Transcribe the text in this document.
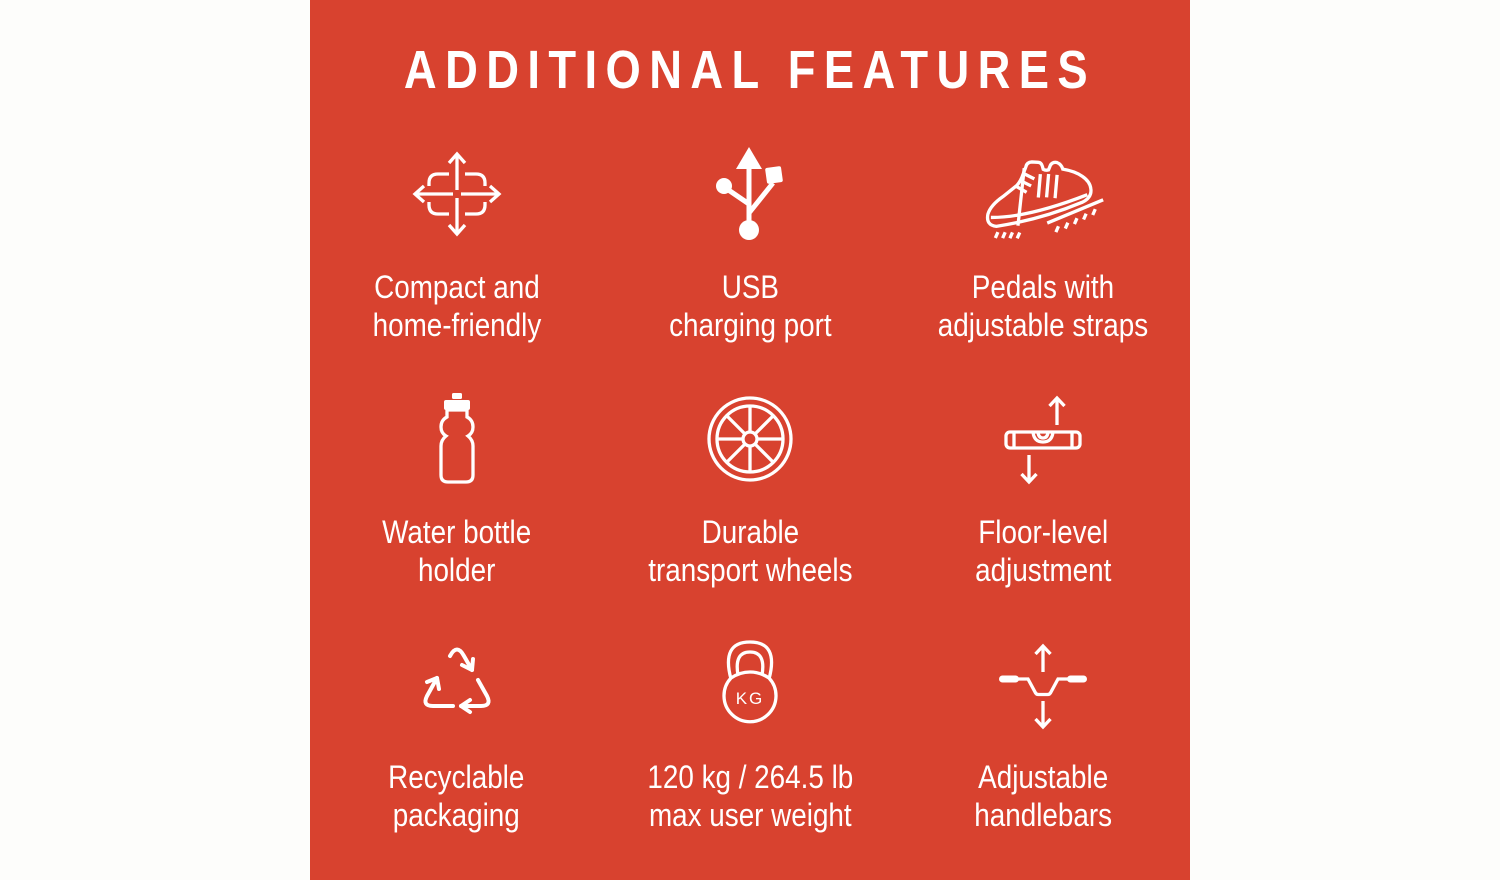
ADDITIONAL FEATURES
Compact and
home-friendly
USB
charging port
Pedals with
adjustable straps
Water bottle
holder
Durable
transport wheels
Floor-level
adjustment
Recyclable
packaging
KG
120 kg / 264.5 lb
max user weight
Adjustable
handlebars
